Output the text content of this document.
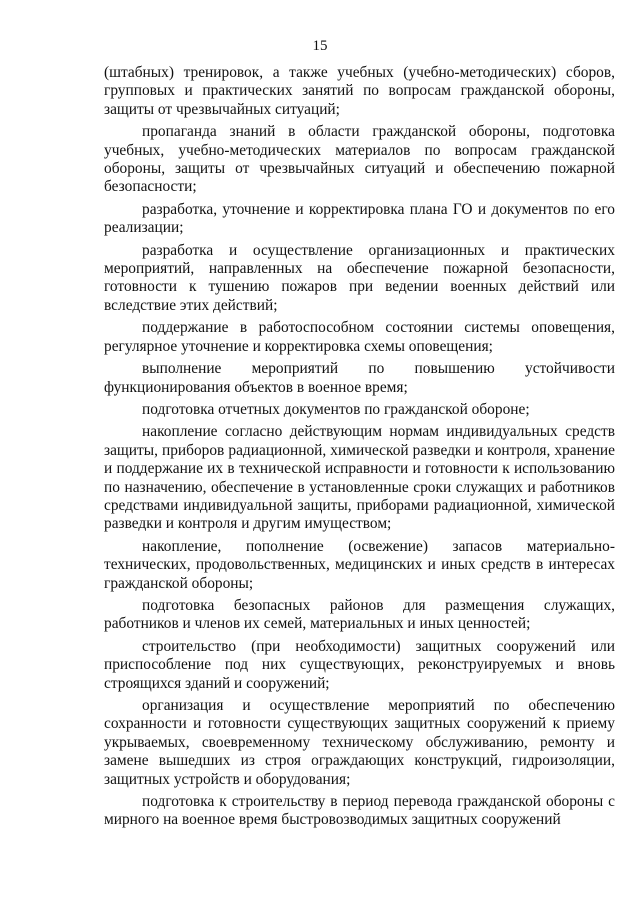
15

(штабных) тренировок, а также учебных (учебно-методических) сборов, групповых и практических занятий по вопросам гражданской обороны, защиты от чрезвычайных ситуаций;

пропаганда знаний в области гражданской обороны, подготовка учебных, учебно-методических материалов по вопросам гражданской обороны, защиты от чрезвычайных ситуаций и обеспечению пожарной безопасности;

разработка, уточнение и корректировка плана ГО и документов по его реализации;

разработка и осуществление организационных и практических мероприятий, направленных на обеспечение пожарной безопасности, готовности к тушению пожаров при ведении военных действий или вследствие этих действий;

поддержание в работоспособном состоянии системы оповещения, регулярное уточнение и корректировка схемы оповещения;

выполнение мероприятий по повышению устойчивости функционирования объектов в военное время;

подготовка отчетных документов по гражданской обороне;

накопление согласно действующим нормам индивидуальных средств защиты, приборов радиационной, химической разведки и контроля, хранение и поддержание их в технической исправности и готовности к использованию по назначению, обеспечение в установленные сроки служащих и работников средствами индивидуальной защиты, приборами радиационной, химической разведки и контроля и другим имуществом;

накопление, пополнение (освежение) запасов материально-технических, продовольственных, медицинских и иных средств в интересах гражданской обороны;

подготовка безопасных районов для размещения служащих, работников и членов их семей, материальных и иных ценностей;

строительство (при необходимости) защитных сооружений или приспособление под них существующих, реконструируемых и вновь строящихся зданий и сооружений;

организация и осуществление мероприятий по обеспечению сохранности и готовности существующих защитных сооружений к приему укрываемых, своевременному техническому обслуживанию, ремонту и замене вышедших из строя ограждающих конструкций, гидроизоляции, защитных устройств и оборудования;

подготовка к строительству в период перевода гражданской обороны с мирного на военное время быстровозводимых защитных сооружений
